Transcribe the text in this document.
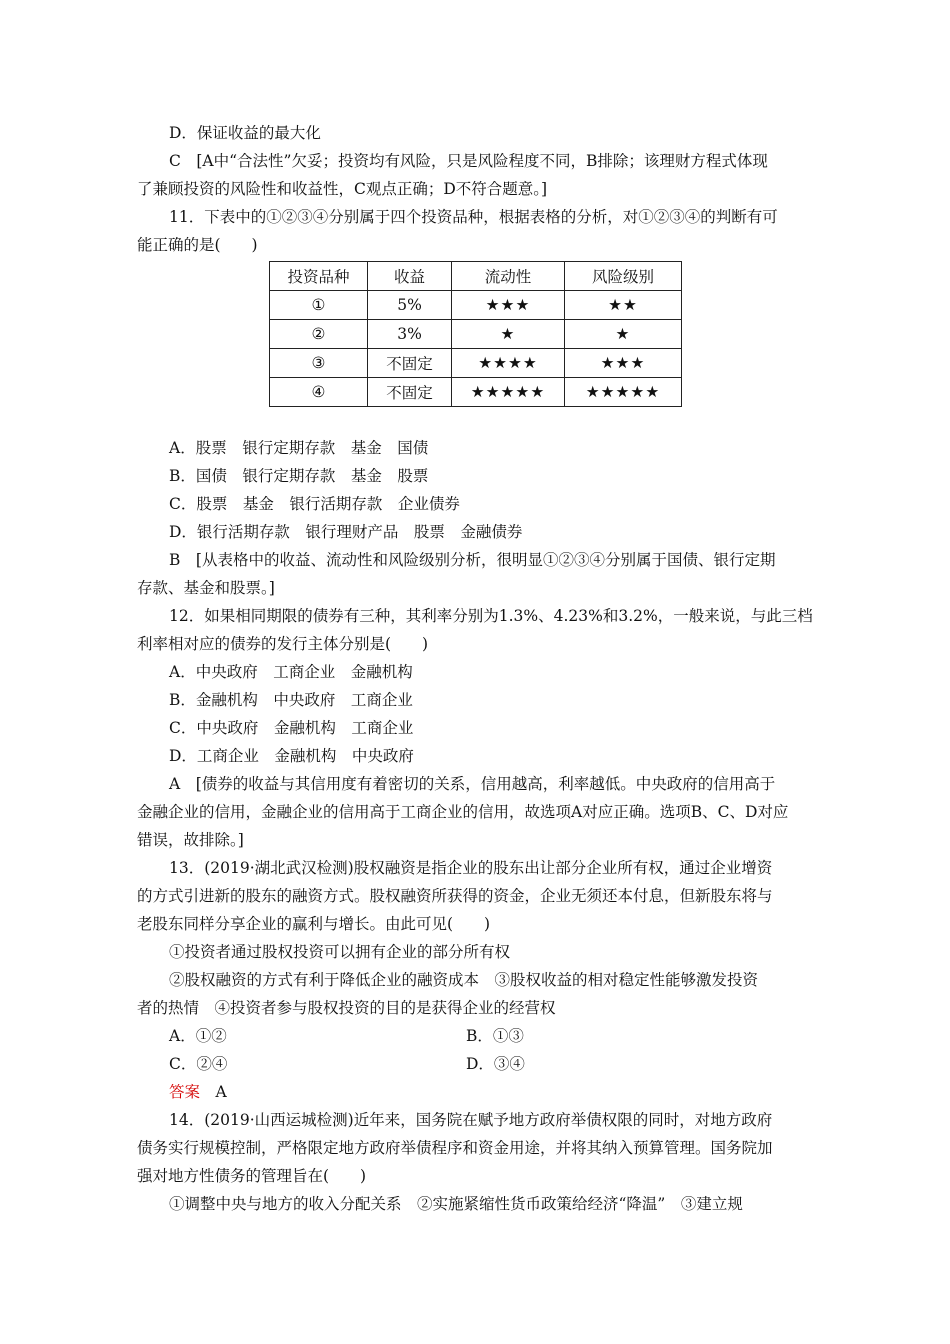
D．保证收益的最大化
C　[A中“合法性”欠妥；投资均有风险，只是风险程度不同，B排除；该理财方程式体现
了兼顾投资的风险性和收益性，C观点正确；D不符合题意。]
11．下表中的①②③④分别属于四个投资品种，根据表格的分析，对①②③④的判断有可
能正确的是(　　)
投资品种	收益	流动性	风险级别
①	5%	★★★	★★
②	3%	★	★
③	不固定	★★★★	★★★
④	不固定	★★★★★	★★★★★
A．股票　银行定期存款　基金　国债
B．国债　银行定期存款　基金　股票
C．股票　基金　银行活期存款　企业债券
D．银行活期存款　银行理财产品　股票　金融债券
B　[从表格中的收益、流动性和风险级别分析，很明显①②③④分别属于国债、银行定期
存款、基金和股票。]
12．如果相同期限的债券有三种，其利率分别为1.3%、4.23%和3.2%，一般来说，与此三档
利率相对应的债券的发行主体分别是(　　)
A．中央政府　工商企业　金融机构
B．金融机构　中央政府　工商企业
C．中央政府　金融机构　工商企业
D．工商企业　金融机构　中央政府
A　[债券的收益与其信用度有着密切的关系，信用越高，利率越低。中央政府的信用高于
金融企业的信用，金融企业的信用高于工商企业的信用，故选项A对应正确。选项B、C、D对应
错误，故排除。]
13．(2019·湖北武汉检测)股权融资是指企业的股东出让部分企业所有权，通过企业增资
的方式引进新的股东的融资方式。股权融资所获得的资金，企业无须还本付息，但新股东将与
老股东同样分享企业的赢利与增长。由此可见(　　)
①投资者通过股权投资可以拥有企业的部分所有权
②股权融资的方式有利于降低企业的融资成本　③股权收益的相对稳定性能够激发投资
者的热情　④投资者参与股权投资的目的是获得企业的经营权
A．①②	B．①③
C．②④	D．③④
答案　 A
14．(2019·山西运城检测)近年来，国务院在赋予地方政府举债权限的同时，对地方政府
债务实行规模控制，严格限定地方政府举债程序和资金用途，并将其纳入预算管理。国务院加
强对地方性债务的管理旨在(　　)
①调整中央与地方的收入分配关系　②实施紧缩性货币政策给经济“降温”　③建立规
